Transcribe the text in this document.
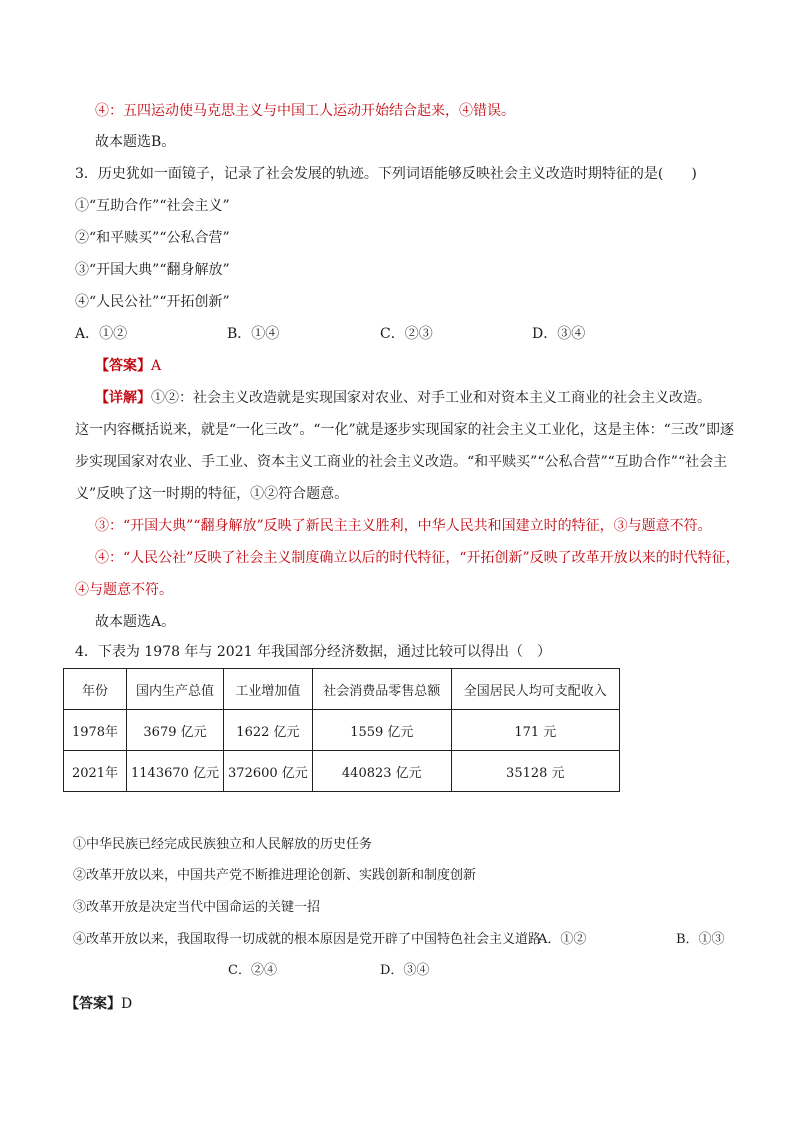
④：五四运动使马克思主义与中国工人运动开始结合起来，④错误。
故本题选B。
3．历史犹如一面镜子，记录了社会发展的轨迹。下列词语能够反映社会主义改造时期特征的是(　　)
①“互助合作”“社会主义”
②“和平赎买”“公私合营”
③“开国大典”“翻身解放”
④“人民公社”“开拓创新”
A．①②	B．①④	C．②③	D．③④
【答案】A
【详解】①②：社会主义改造就是实现国家对农业、对手工业和对资本主义工商业的社会主义改造。
这一内容概括说来，就是“一化三改”。“一化”就是逐步实现国家的社会主义工业化，这是主体：“三改”即逐
步实现国家对农业、手工业、资本主义工商业的社会主义改造。“和平赎买”“公私合营”“互助合作”“社会主
义”反映了这一时期的特征，①②符合题意。
③：“开国大典”“翻身解放”反映了新民主主义胜利，中华人民共和国建立时的特征，③与题意不符。
④：“人民公社”反映了社会主义制度确立以后的时代特征，“开拓创新”反映了改革开放以来的时代特征，
④与题意不符。
故本题选A。
4．下表为 1978 年与 2021 年我国部分经济数据，通过比较可以得出（　）
年份	国内生产总值	工业增加值	社会消费品零售总额	全国居民人均可支配收入
1978年	3679 亿元	1622 亿元	1559 亿元	171 元
2021年	1143670 亿元	372600 亿元	440823 亿元	35128 元
①中华民族已经完成民族独立和人民解放的历史任务
②改革开放以来，中国共产党不断推进理论创新、实践创新和制度创新
③改革开放是决定当代中国命运的关键一招
④改革开放以来，我国取得一切成就的根本原因是党开辟了中国特色社会主义道路
A．①②	B．①③
C．②④	D．③④
【答案】D
